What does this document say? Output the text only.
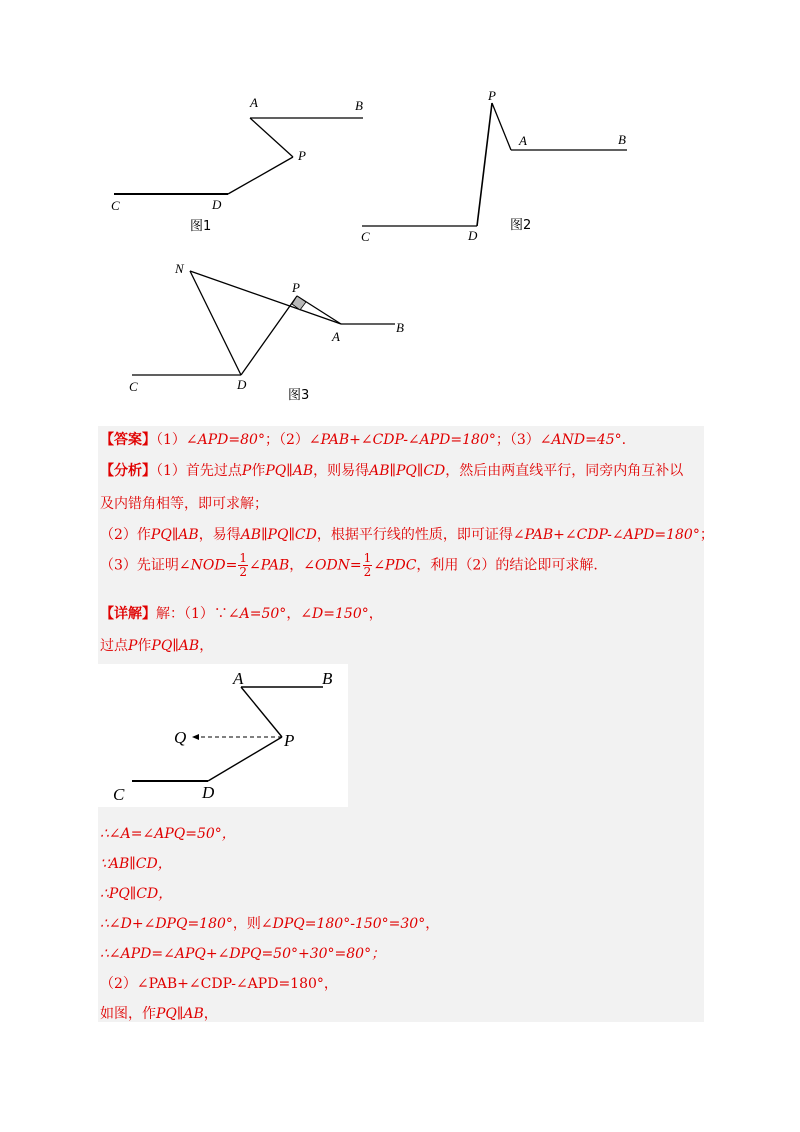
A	B
P
C	D
图1
P
A	B
C	D
图2
N
P
A
B
C	D
图3
【答案】（1）∠APD=80°；（2）∠PAB+∠CDP-∠APD=180°；（3）∠AND=45°.
【分析】（1）首先过点P作PQ∥AB，则易得AB∥PQ∥CD，然后由两直线平行，同旁内角互补以
及内错角相等，即可求解；
（2）作PQ∥AB，易得AB∥PQ∥CD，根据平行线的性质，即可证得∠PAB+∠CDP-∠APD=180°；
（3）先证明∠NOD= $\frac{1}{2}$ ∠PAB，∠ODN= $\frac{1}{2}$ ∠PDC，利用（2）的结论即可求解.
【详解】解：（1）∵∠A=50°，∠D=150°，
过点P作PQ∥AB，
A	B
Q	P
C	D
∴∠A=∠APQ=50°，
∵AB∥CD，
∴PQ∥CD，
∴∠D+∠DPQ=180°，则∠DPQ=180°-150°=30°，
∴∠APD=∠APQ+∠DPQ=50°+30°=80°；
（2）∠PAB+∠CDP-∠APD=180°，
如图，作PQ∥AB，
